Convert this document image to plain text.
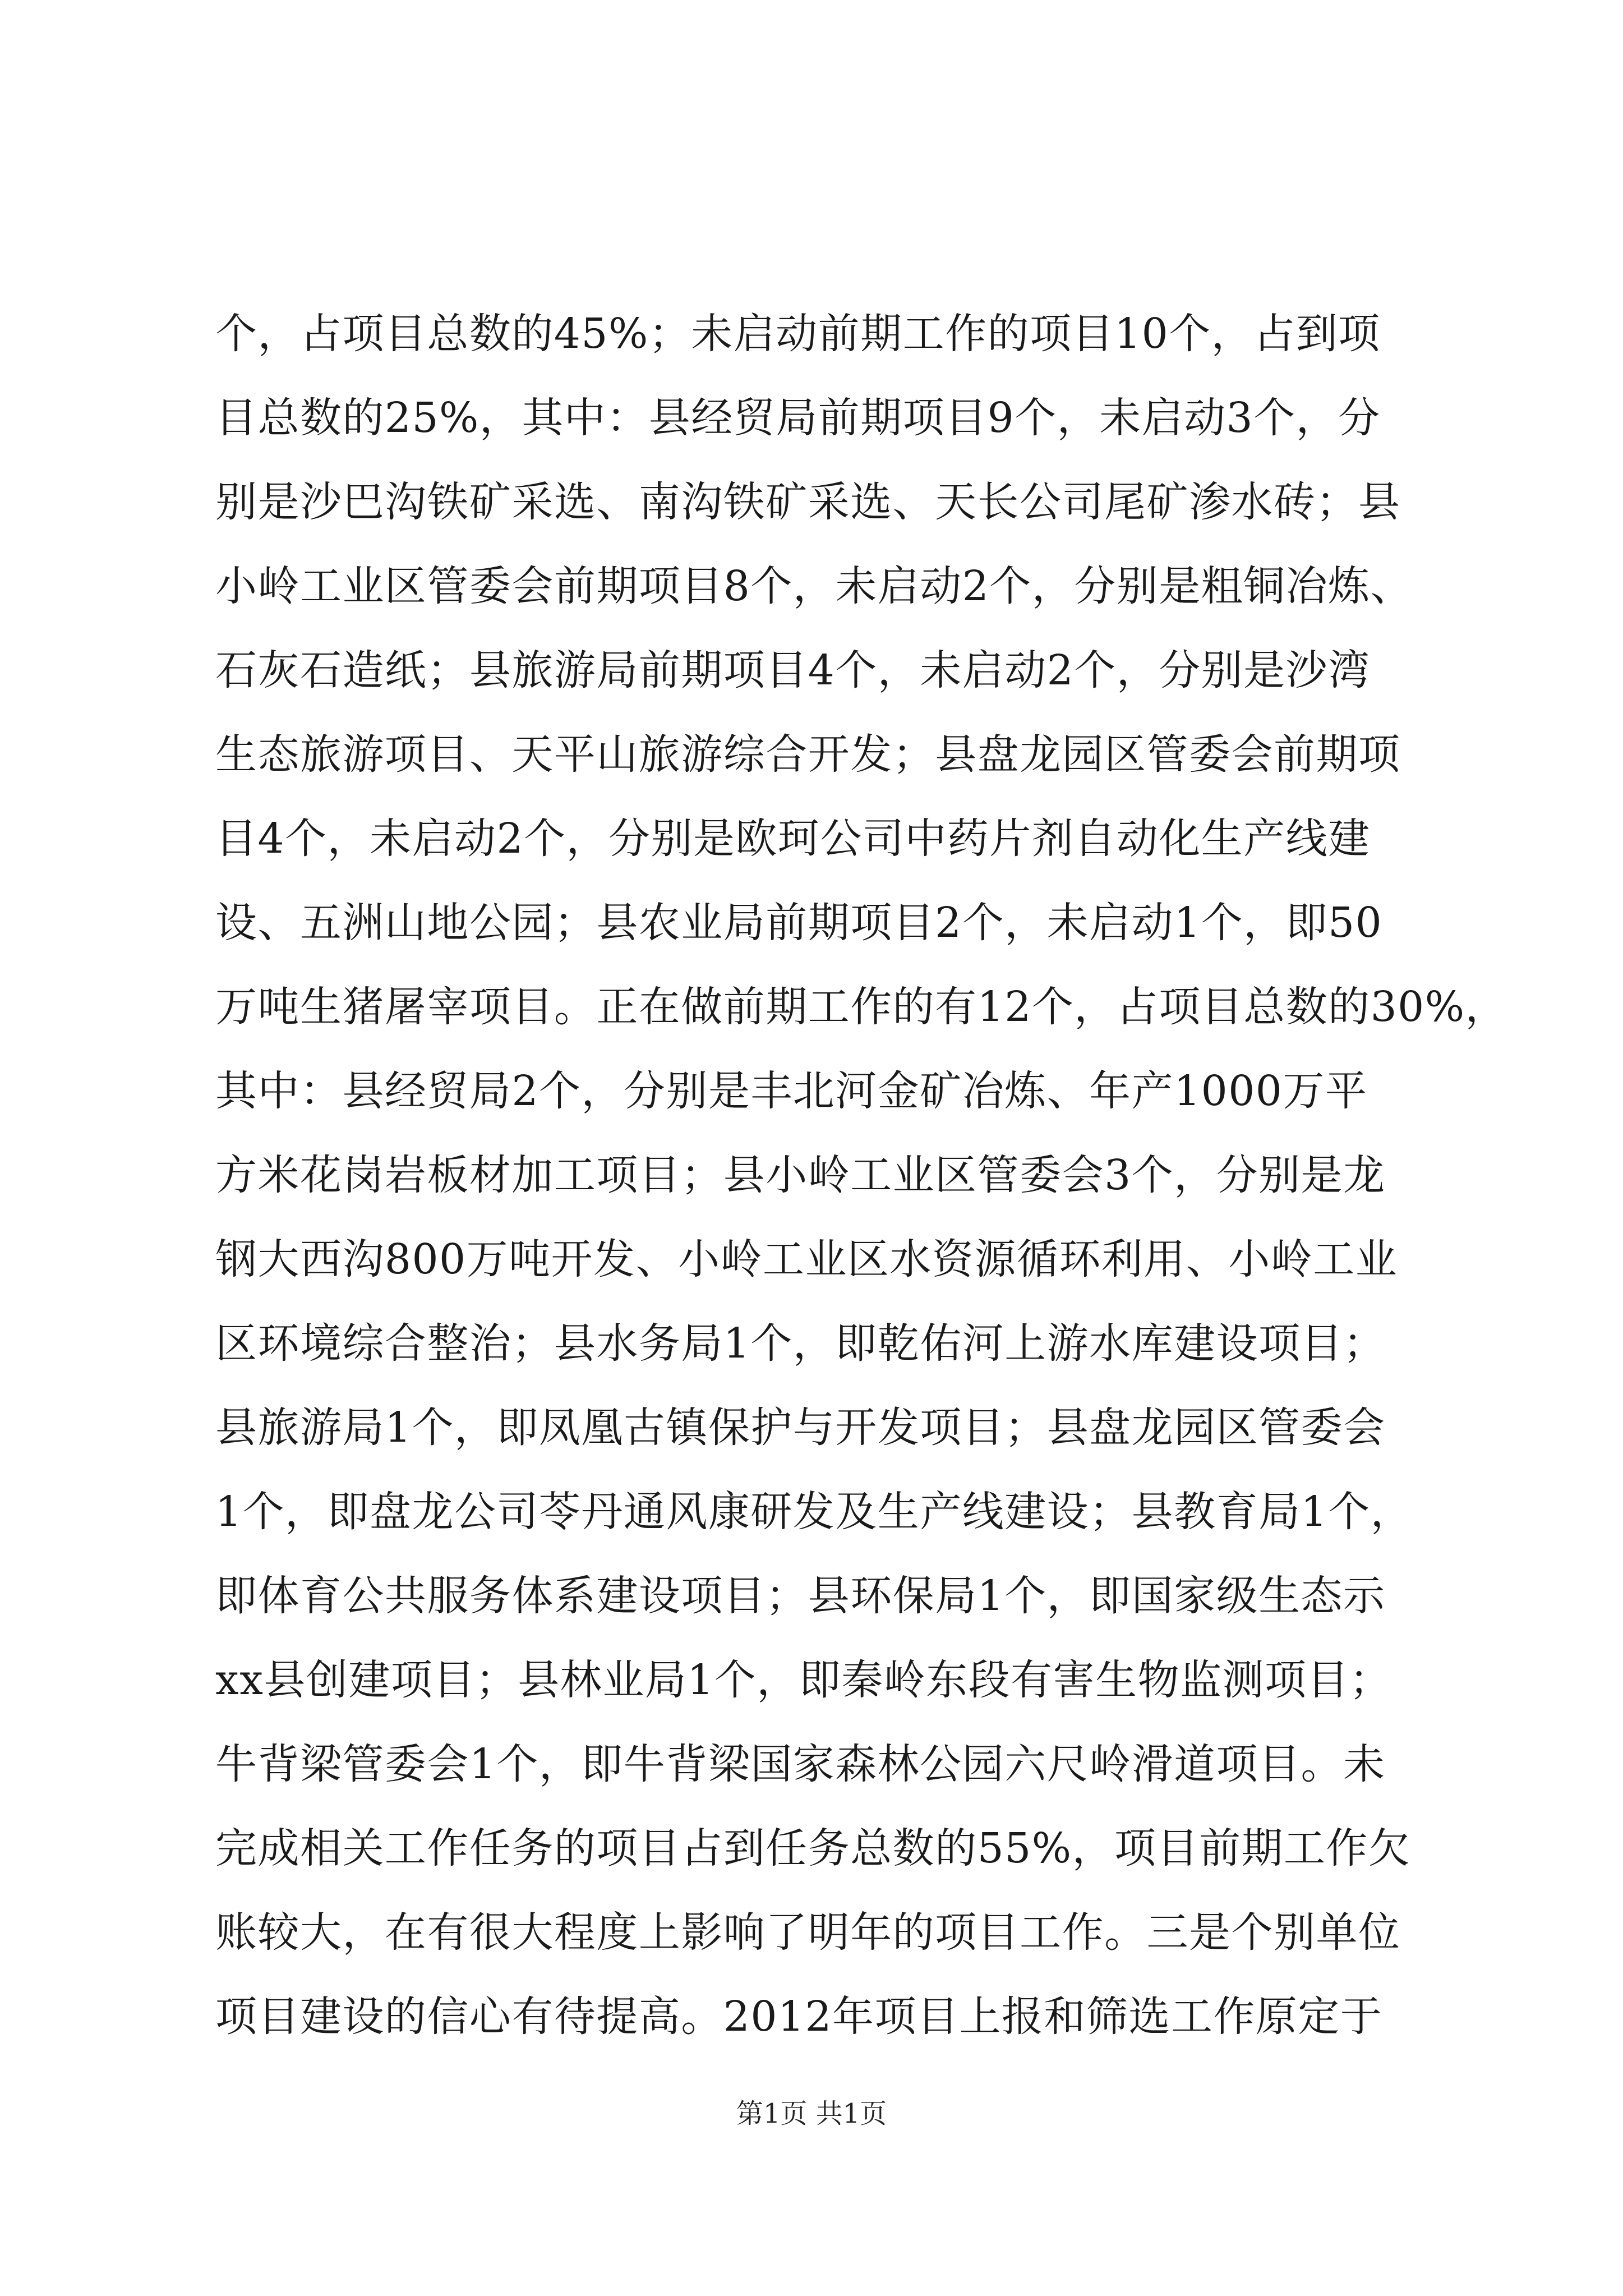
个，占项目总数的45%；未启动前期工作的项目10个，占到项
目总数的25%，其中：县经贸局前期项目9个，未启动3个，分
别是沙巴沟铁矿采选、南沟铁矿采选、天长公司尾矿渗水砖；县
小岭工业区管委会前期项目8个，未启动2个，分别是粗铜冶炼、
石灰石造纸；县旅游局前期项目4个，未启动2个，分别是沙湾
生态旅游项目、天平山旅游综合开发；县盘龙园区管委会前期项
目4个，未启动2个，分别是欧珂公司中药片剂自动化生产线建
设、五洲山地公园；县农业局前期项目2个，未启动1个，即50
万吨生猪屠宰项目。正在做前期工作的有12个，占项目总数的30%，
其中：县经贸局2个，分别是丰北河金矿冶炼、年产1000万平
方米花岗岩板材加工项目；县小岭工业区管委会3个，分别是龙
钢大西沟800万吨开发、小岭工业区水资源循环利用、小岭工业
区环境综合整治；县水务局1个，即乾佑河上游水库建设项目；
县旅游局1个，即凤凰古镇保护与开发项目；县盘龙园区管委会
1个，即盘龙公司苓丹通风康研发及生产线建设；县教育局1个，
即体育公共服务体系建设项目；县环保局1个，即国家级生态示
xx县创建项目；县林业局1个，即秦岭东段有害生物监测项目；
牛背梁管委会1个，即牛背梁国家森林公园六尺岭滑道项目。未
完成相关工作任务的项目占到任务总数的55%，项目前期工作欠
账较大，在有很大程度上影响了明年的项目工作。三是个别单位
项目建设的信心有待提高。2012年项目上报和筛选工作原定于
第1页 共1页
